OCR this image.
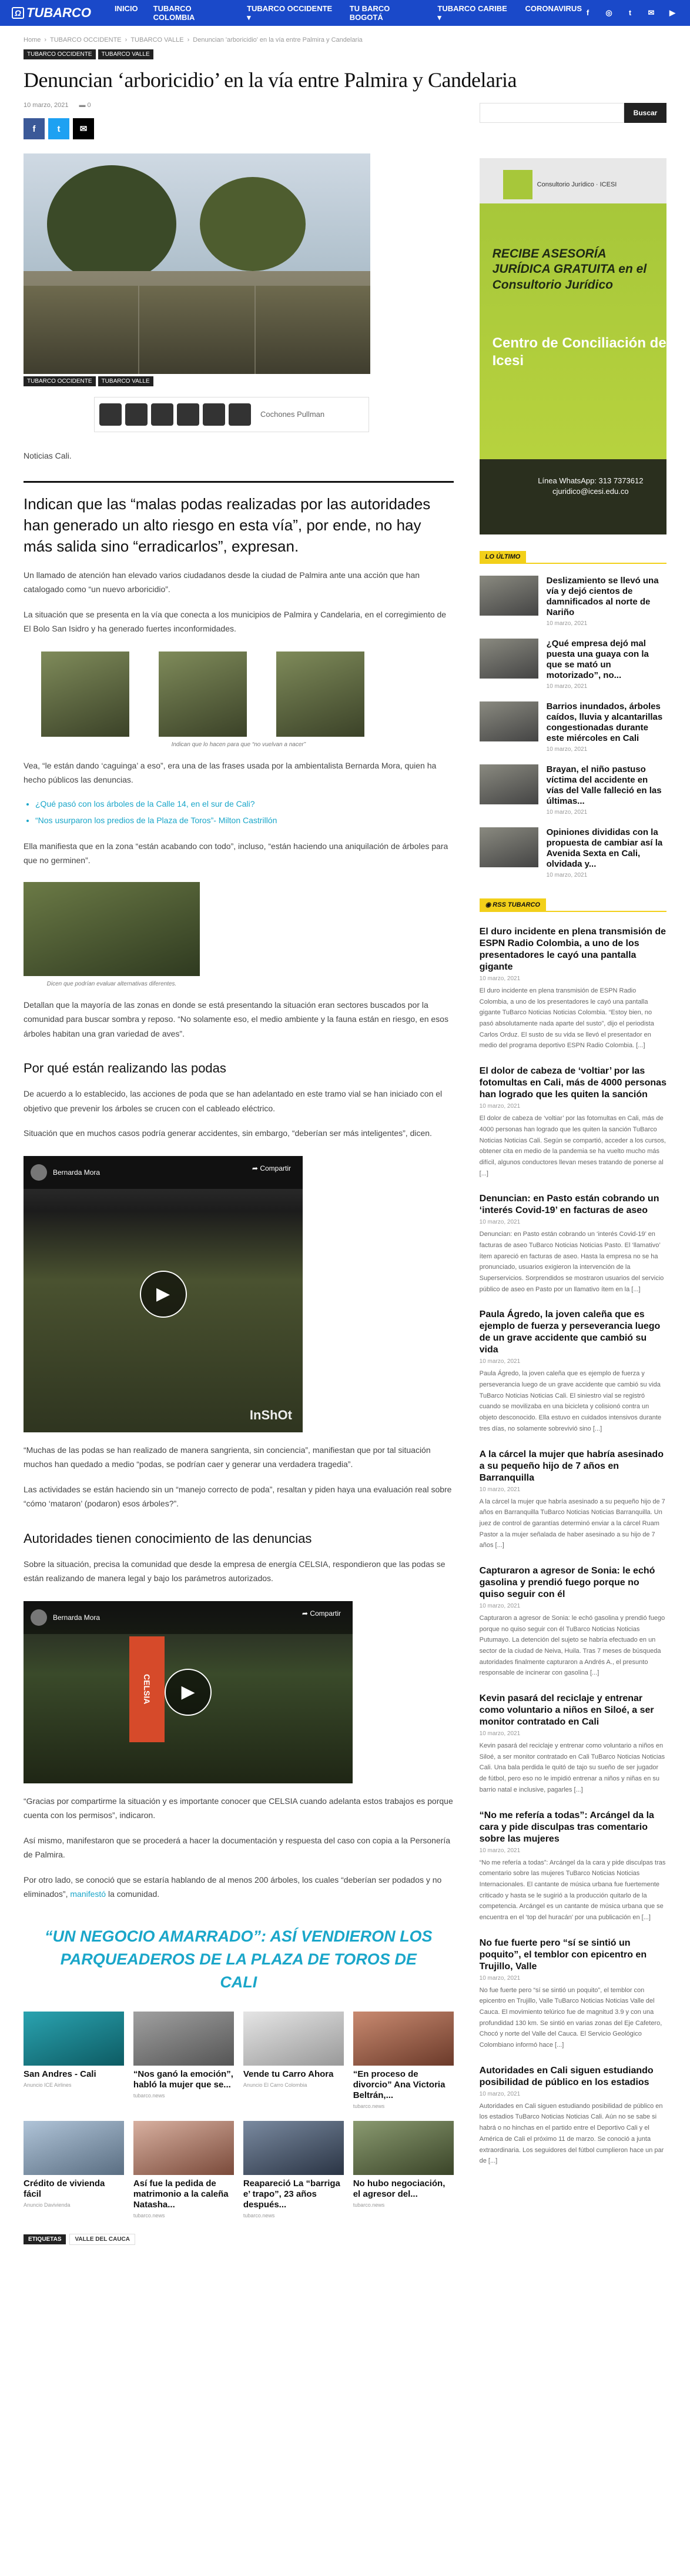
Ω TUBARCO	INICIO TUBARCO COLOMBIA
TUBARCO OCCIDENTE ▾
TU BARCO BOGOTÁ
TUBARCO CARIBE ▾
CORONAVIRUS f	◎	t	✉	▶
Home › TUBARCO OCCIDENTE › TUBARCO VALLE › Denuncian 'arboricidio' en la vía entre Palmira y Candelaria
TUBARCO OCCIDENTE	TUBARCO VALLE
Denuncian ‘arboricidio’ en la vía entre Palmira y Candelaria
10 marzo, 2021 ▬ 0
f	t	✉
TUBARCO OCCIDENTE	TUBARCO VALLE
Cochones Pullman

Noticias Cali.

Indican que las “malas podas realizadas por las autoridades han generado un alto riesgo en esta vía”, por ende, no hay más salida sino “erradicarlos”, expresan.

Un llamado de atención han elevado varios ciudadanos desde la ciudad de Palmira ante una acción que han catalogado como “un nuevo arboricidio”.

La situación que se presenta en la vía que conecta a los municipios de Palmira y Candelaria, en el corregimiento de El Bolo San Isidro y ha generado fuertes inconformidades.

Indican que lo hacen para que “no vuelvan a nacer”

Vea, “le están dando ‘caguinga’ a eso”, era una de las frases usada por la ambientalista Bernarda Mora, quien ha hecho públicos las denuncias.

• ¿Qué pasó con los árboles de la Calle 14, en el sur de Cali?
• “Nos usurparon los predios de la Plaza de Toros”- Milton Castrillón

Ella manifiesta que en la zona “están acabando con todo”, incluso, “están haciendo una aniquilación de árboles para que no germinen”.

Dicen que podrían evaluar alternativas diferentes.

Detallan que la mayoría de las zonas en donde se está presentando la situación eran sectores buscados por la comunidad para buscar sombra y reposo. “No solamente eso, el medio ambiente y la fauna están en riesgo, en esos árboles habitan una gran variedad de aves”.

Por qué están realizando las podas

De acuerdo a lo establecido, las acciones de poda que se han adelantado en este tramo vial se han iniciado con el objetivo que prevenir los árboles se crucen con el cableado eléctrico.

Situación que en muchos casos podría generar accidentes, sin embargo, “deberían ser más inteligentes”, dicen.

Bernarda Mora	➦ Compartir
▶
InShOt

“Muchas de las podas se han realizado de manera sangrienta, sin conciencia”, manifiestan que por tal situación muchos han quedado a medio “podas, se podrían caer y generar una verdadera tragedia”.

Las actividades se están haciendo sin un “manejo correcto de poda”, resaltan y piden haya una evaluación real sobre “cómo ‘mataron’ (podaron) esos árboles?”.

Autoridades tienen conocimiento de las denuncias

Sobre la situación, precisa la comunidad que desde la empresa de energía CELSIA, respondieron que las podas se están realizando de manera legal y bajo los parámetros autorizados.

CELSIA
Bernarda Mora	➦ Compartir
▶

“Gracias por compartirme la situación y es importante conocer que CELSIA cuando adelanta estos trabajos es porque cuenta con los permisos”, indicaron.

Así mismo, manifestaron que se procederá a hacer la documentación y respuesta del caso con copia a la Personería de Palmira.

Por otro lado, se conoció que se estaría hablando de al menos 200 árboles, los cuales “deberían ser podados y no eliminados”, manifestó la comunidad.

“UN NEGOCIO AMARRADO”: ASÍ VENDIERON LOS PARQUEADEROS DE LA PLAZA DE TOROS DE CALI
San Andres - Cali
Anuncio ICE Airlines
“Nos ganó la emoción”, habló la mujer que se...
tubarco.news
Vende tu Carro Ahora
Anuncio El Carro Colombia
“En proceso de divorcio” Ana Victoria Beltrán,...
tubarco.news
Crédito de vivienda fácil
Anuncio Davivienda
Así fue la pedida de matrimonio a la caleña Natasha...
tubarco.news
Reapareció La “barriga e’ trapo”, 23 años después...
tubarco.news
No hubo negociación, el agresor del...
tubarco.news
ETIQUETAS	VALLE DEL CAUCA
Buscar
Consultorio Jurídico · ICESI
RECIBE ASESORÍA JURÍDICA GRATUITA en el Consultorio Jurídico
Centro de Conciliación de Icesi
Línea WhatsApp: 313 7373612 cjuridico@icesi.edu.co
LO ÚLTIMO
Deslizamiento se llevó una vía y dejó cientos de damnificados al norte de Nariño
10 marzo, 2021
¿Qué empresa dejó mal puesta una guaya con la que se mató un motorizado”, no...
10 marzo, 2021
Barrios inundados, árboles caídos, lluvia y alcantarillas congestionadas durante este miércoles en Cali
10 marzo, 2021
Brayan, el niño pastuso víctima del accidente en vías del Valle falleció en las últimas...
10 marzo, 2021
Opiniones divididas con la propuesta de cambiar así la Avenida Sexta en Cali, olvidada y...
10 marzo, 2021
◉ RSS TUBARCO
El duro incidente en plena transmisión de ESPN Radio Colombia, a uno de los presentadores le cayó una pantalla gigante
10 marzo, 2021
El duro incidente en plena transmisión de ESPN Radio Colombia, a uno de los presentadores le cayó una pantalla gigante TuBarco Noticias Noticias Colombia. “Estoy bien, no pasó absolutamente nada aparte del susto”, dijo el periodista Carlos Orduz. El susto de su vida se llevó el presentador en medio del programa deportivo ESPN Radio Colombia. [...]
El dolor de cabeza de ‘voltiar’ por las fotomultas en Cali, más de 4000 personas han logrado que les quiten la sanción
10 marzo, 2021
El dolor de cabeza de ‘voltiar’ por las fotomultas en Cali, más de 4000 personas han logrado que les quiten la sanción TuBarco Noticias Noticias Cali. Según se compartió, acceder a los cursos, obtener cita en medio de la pandemia se ha vuelto mucho más difícil, algunos conductores llevan meses tratando de ponerse al [...]
Denuncian: en Pasto están cobrando un ‘interés Covid-19’ en facturas de aseo
10 marzo, 2021
Denuncian: en Pasto están cobrando un ‘interés Covid-19’ en facturas de aseo TuBarco Noticias Noticias Pasto. El ‘llamativo’ ítem apareció en facturas de aseo. Hasta la empresa no se ha pronunciado, usuarios exigieron la intervención de la Superservicios. Sorprendidos se mostraron usuarios del servicio público de aseo en Pasto por un llamativo ítem en la [...]
Paula Ágredo, la joven caleña que es ejemplo de fuerza y perseverancia luego de un grave accidente que cambió su vida
10 marzo, 2021
Paula Ágredo, la joven caleña que es ejemplo de fuerza y perseverancia luego de un grave accidente que cambió su vida TuBarco Noticias Noticias Cali. El siniestro vial se registró cuando se movilizaba en una bicicleta y colisionó contra un objeto desconocido. Ella estuvo en cuidados intensivos durante tres días, no solamente sobrevivió sino [...]
A la cárcel la mujer que habría asesinado a su pequeño hijo de 7 años en Barranquilla
10 marzo, 2021
A la cárcel la mujer que habría asesinado a su pequeño hijo de 7 años en Barranquilla TuBarco Noticias Noticias Barranquilla. Un juez de control de garantías determinó enviar a la cárcel Ruam Pastor a la mujer señalada de haber asesinado a su hijo de 7 años [...]
Capturaron a agresor de Sonia: le echó gasolina y prendió fuego porque no quiso seguir con él
10 marzo, 2021
Capturaron a agresor de Sonia: le echó gasolina y prendió fuego porque no quiso seguir con él TuBarco Noticias Noticias Putumayo. La detención del sujeto se habría efectuado en un sector de la ciudad de Neiva, Huila. Tras 7 meses de búsqueda autoridades finalmente capturaron a Andrés A., el presunto responsable de incinerar con gasolina [...]
Kevin pasará del reciclaje y entrenar como voluntario a niños en Siloé, a ser monitor contratado en Cali
10 marzo, 2021
Kevin pasará del reciclaje y entrenar como voluntario a niños en Siloé, a ser monitor contratado en Cali TuBarco Noticias Noticias Cali. Una bala perdida le quitó de tajo su sueño de ser jugador de fútbol, pero eso no le impidió entrenar a niños y niñas en su barrio natal e inclusive, pagarles [...]
“No me refería a todas”: Arcángel da la cara y pide disculpas tras comentario sobre las mujeres
10 marzo, 2021
“No me refería a todas”: Arcángel da la cara y pide disculpas tras comentario sobre las mujeres TuBarco Noticias Noticias Internacionales. El cantante de música urbana fue fuertemente criticado y hasta se le sugirió a la producción quitarlo de la competencia. Arcángel es un cantante de música urbana que se encuentra en el ‘top del huracán’ por una publicación en [...]
No fue fuerte pero “sí se sintió un poquito”, el temblor con epicentro en Trujillo, Valle
10 marzo, 2021
No fue fuerte pero “sí se sintió un poquito”, el temblor con epicentro en Trujillo, Valle TuBarco Noticias Noticias Valle del Cauca. El movimiento telúrico fue de magnitud 3.9 y con una profundidad 130 km. Se sintió en varias zonas del Eje Cafetero, Chocó y norte del Valle del Cauca. El Servicio Geológico Colombiano informó hace [...]
Autoridades en Cali siguen estudiando posibilidad de público en los estadios
10 marzo, 2021
Autoridades en Cali siguen estudiando posibilidad de público en los estadios TuBarco Noticias Noticias Cali. Aún no se sabe si habrá o no hinchas en el partido entre el Deportivo Cali y el América de Cali el próximo 11 de marzo. Se conoció a junta extraordinaria. Los seguidores del fútbol cumplieron hace un par de [...]
